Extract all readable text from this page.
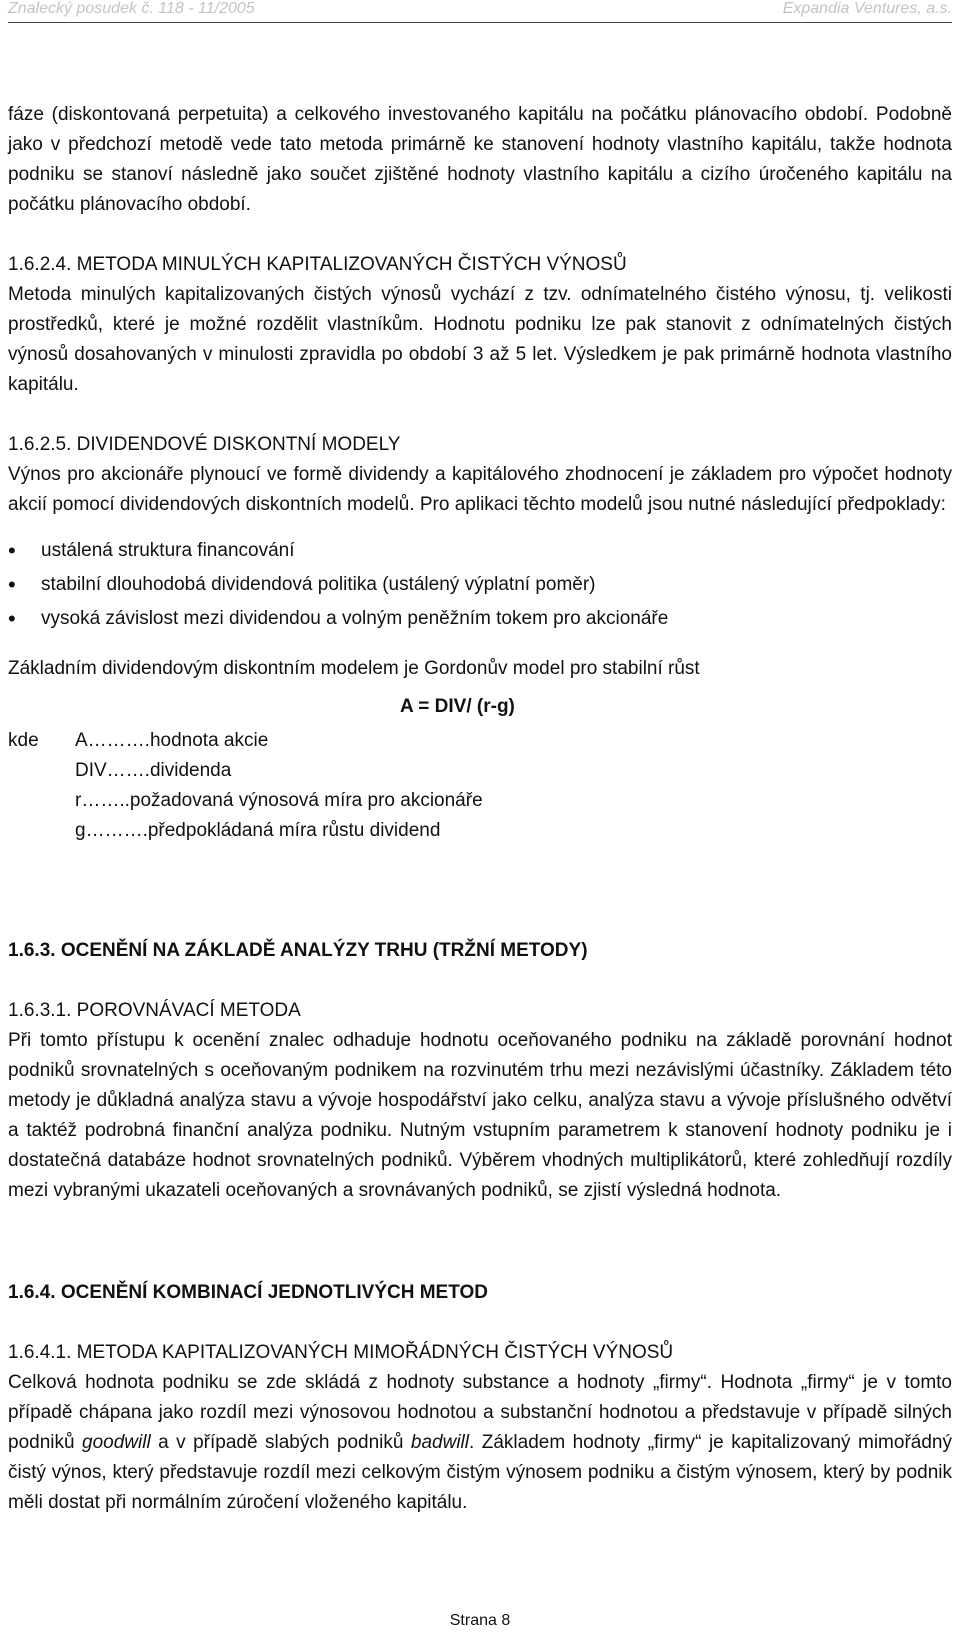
Znalecký posudek č. 118 - 11/2005	Expandia Ventures, a.s.

fáze (diskontovaná perpetuita) a celkového investovaného kapitálu na počátku plánovacího období. Podobně jako v předchozí metodě vede tato metoda primárně ke stanovení hodnoty vlastního kapitálu, takže hodnota podniku se stanoví následně jako součet zjištěné hodnoty vlastního kapitálu a cizího úročeného kapitálu na počátku plánovacího období.

1.6.2.4. METODA MINULÝCH KAPITALIZOVANÝCH ČISTÝCH VÝNOSŮ

Metoda minulých kapitalizovaných čistých výnosů vychází z tzv. odnímatelného čistého výnosu, tj. velikosti prostředků, které je možné rozdělit vlastníkům. Hodnotu podniku lze pak stanovit z odnímatelných čistých výnosů dosahovaných v minulosti zpravidla po období 3 až 5 let. Výsledkem je pak primárně hodnota vlastního kapitálu.

1.6.2.5. DIVIDENDOVÉ DISKONTNÍ MODELY

Výnos pro akcionáře plynoucí ve formě dividendy a kapitálového zhodnocení je základem pro výpočet hodnoty akcií pomocí dividendových diskontních modelů. Pro aplikaci těchto modelů jsou nutné následující předpoklady:

• ustálená struktura financování
• stabilní dlouhodobá dividendová politika (ustálený výplatní poměr)
• vysoká závislost mezi dividendou a volným peněžním tokem pro akcionáře

Základním dividendovým diskontním modelem je Gordonův model pro stabilní růst

A = DIV/ (r-g)
kde	A……….hodnota akcie
DIV…….dividenda
r……..požadovaná výnosová míra pro akcionáře
g……….předpokládaná míra růstu dividend

1.6.3. OCENĚNÍ NA ZÁKLADĚ ANALÝZY TRHU (TRŽNÍ METODY)

1.6.3.1. POROVNÁVACÍ METODA

Při tomto přístupu k ocenění znalec odhaduje hodnotu oceňovaného podniku na základě porovnání hodnot podniků srovnatelných s oceňovaným podnikem na rozvinutém trhu mezi nezávislými účastníky. Základem této metody je důkladná analýza stavu a vývoje hospodářství jako celku, analýza stavu a vývoje příslušného odvětví a taktéž podrobná finanční analýza podniku. Nutným vstupním parametrem k stanovení hodnoty podniku je i dostatečná databáze hodnot srovnatelných podniků. Výběrem vhodných multiplikátorů, které zohledňují rozdíly mezi vybranými ukazateli oceňovaných a srovnávaných podniků, se zjistí výsledná hodnota.

1.6.4. OCENĚNÍ KOMBINACÍ JEDNOTLIVÝCH METOD

1.6.4.1. METODA KAPITALIZOVANÝCH MIMOŘÁDNÝCH ČISTÝCH VÝNOSŮ

Celková hodnota podniku se zde skládá z hodnoty substance a hodnoty „firmy“. Hodnota „firmy“ je v tomto případě chápana jako rozdíl mezi výnosovou hodnotou a substanční hodnotou a představuje v případě silných podniků goodwill a v případě slabých podniků badwill. Základem hodnoty „firmy“ je kapitalizovaný mimořádný čistý výnos, který představuje rozdíl mezi celkovým čistým výnosem podniku a čistým výnosem, který by podnik měli dostat při normálním zúročení vloženého kapitálu.

Strana 8
